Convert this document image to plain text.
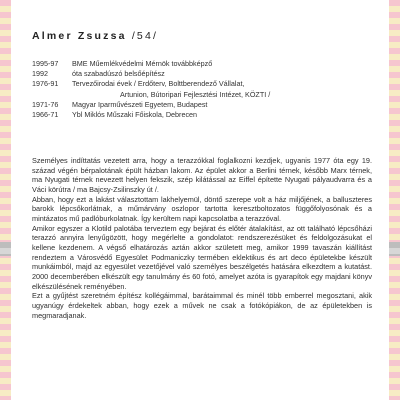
Almer Zsuzsa /54/
1995-97	BME Műemlékvédelmi Mérnök továbbképző
1992	óta szabadúszó belsőépítész
1976-91	Tervezőirodai évek / Erdőterv, Bolttberendező Vállalat,
Artunion, Bútoripari Fejlesztési Intézet, KÖZTI /
1971-76	Magyar Iparművészeti Egyetem, Budapest
1966-71	Ybl Miklós Műszaki Főiskola, Debrecen

Személyes indíttatás vezetett arra, hogy a terazzókkal foglalkozni kezdjek, ugyanis 1977 óta egy 19. század végén bérpalotának épült házban lakom. Az épület akkor a Berlini térnek, később Marx térnek, ma Nyugati térnek nevezett helyen fekszik, szép kilátással az Eiffel építette Nyugati pályaudvarra és a Váci körútra / ma Bajcsy-Zsilinszky út /.

Abban, hogy ezt a lakást választottam lakhelyemül, döntő szerepe volt a ház miljőjének, a balluszteres barokk lépcsőkorlátnak, a műmárvány oszlopor tartotta keresztboltozatos függőfolyosónak és a mintázatos mű padlóburkolatnak. Így kerültem napi kapcsolatba a terazzóval.

Amikor egyszer a Klotild palotába terveztem egy bejárat és előtér átalakítást, az ott található lépcsőházi terazzó annyira lenyűgözött, hogy megérlelte a gondolatot: rendszerezésüket és feldolgozásukat el kellene kezdenem. A végső elhatározás aztán akkor született meg, amikor 1999 tavaszán kiállítást rendeztem a Városvédő Egyesület Podmaniczky termében eklektikus és art deco épületekbe készült munkáimból, majd az egyesület vezetőjével való személyes beszélgetés hatására elkezdtem a kutatást. 2000 decemberében elkészült egy tanulmány és 60 fotó, amelyet azóta is gyarapítok egy majdani könyv elkészülésének reményében.

Ezt a gyűjtést szeretném építész kollégáimmal, barátaimmal és minél több emberrel megosztani, akik ugyanúgy érdekeltek abban, hogy ezek a művek ne csak a fotókópiákon, de az épületekben is megmaradjanak.
